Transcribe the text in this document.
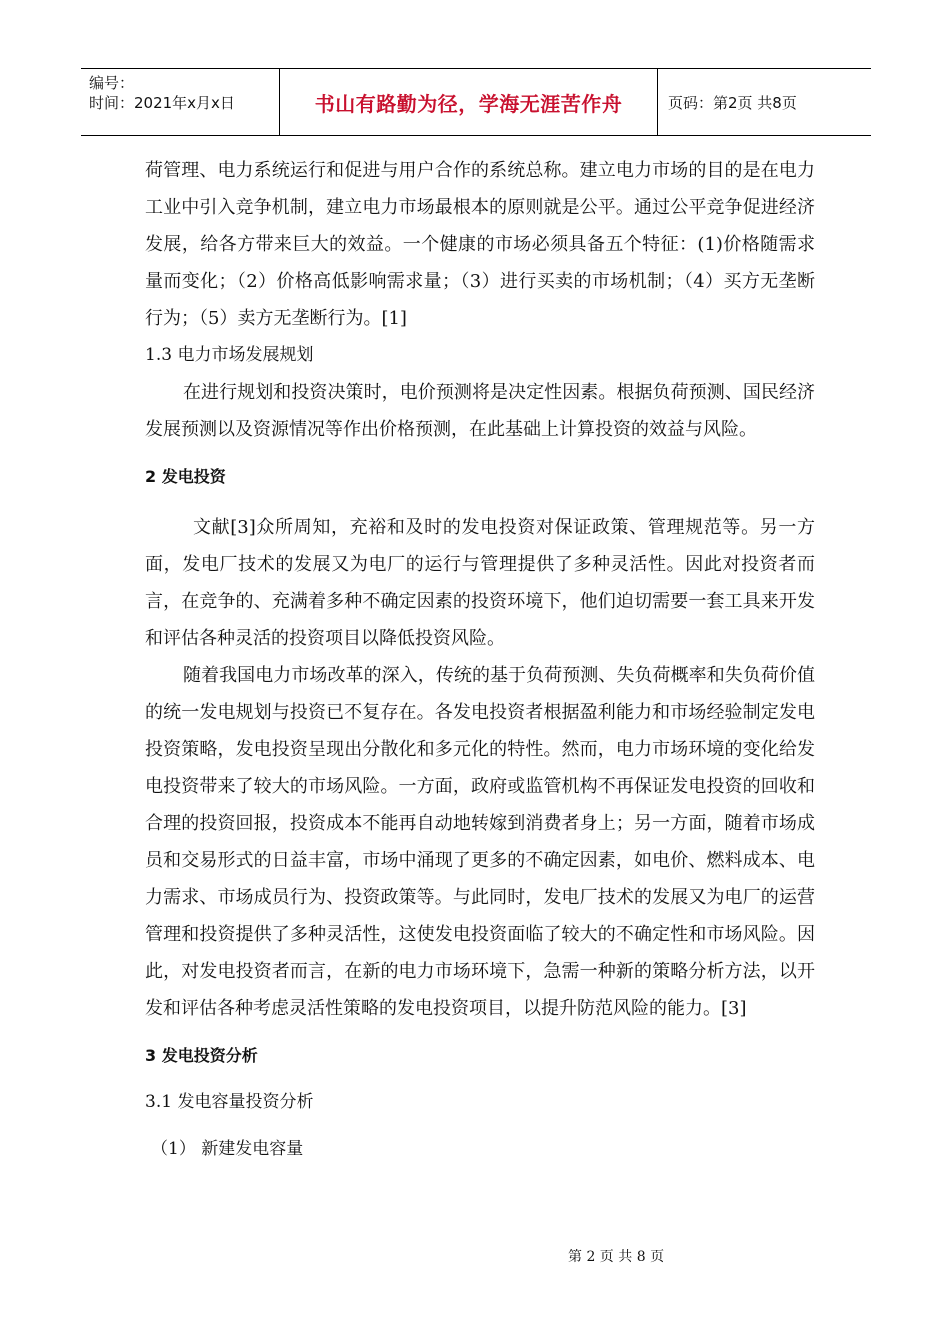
编号：
时间：2021年x月x日	书山有路勤为径，学海无涯苦作舟	页码：第2页 共8页

荷管理、电力系统运行和促进与用户合作的系统总称。建立电力市场的目的是在电力工业中引入竞争机制，建立电力市场最根本的原则就是公平。通过公平竞争促进经济发展，给各方带来巨大的效益。一个健康的市场必须具备五个特征：(1)价格随需求量而变化；（2）价格高低影响需求量；（3）进行买卖的市场机制；（4）买方无垄断行为；（5）卖方无垄断行为。[1]

1.3 电力市场发展规划

在进行规划和投资决策时，电价预测将是决定性因素。根据负荷预测、国民经济发展预测以及资源情况等作出价格预测，在此基础上计算投资的效益与风险。

2 发电投资

文献[3]众所周知，充裕和及时的发电投资对保证政策、管理规范等。另一方面，发电厂技术的发展又为电厂的运行与管理提供了多种灵活性。因此对投资者而言，在竞争的、充满着多种不确定因素的投资环境下，他们迫切需要一套工具来开发和评估各种灵活的投资项目以降低投资风险。

随着我国电力市场改革的深入，传统的基于负荷预测、失负荷概率和失负荷价值的统一发电规划与投资已不复存在。各发电投资者根据盈利能力和市场经验制定发电投资策略，发电投资呈现出分散化和多元化的特性。然而，电力市场环境的变化给发电投资带来了较大的市场风险。一方面，政府或监管机构不再保证发电投资的回收和合理的投资回报，投资成本不能再自动地转嫁到消费者身上；另一方面，随着市场成员和交易形式的日益丰富，市场中涌现了更多的不确定因素，如电价、燃料成本、电力需求、市场成员行为、投资政策等。与此同时，发电厂技术的发展又为电厂的运营管理和投资提供了多种灵活性，这使发电投资面临了较大的不确定性和市场风险。因此，对发电投资者而言，在新的电力市场环境下，急需一种新的策略分析方法，以开发和评估各种考虑灵活性策略的发电投资项目，以提升防范风险的能力。[3]

3 发电投资分析

3.1 发电容量投资分析

（1） 新建发电容量

第 2 页 共 8 页
